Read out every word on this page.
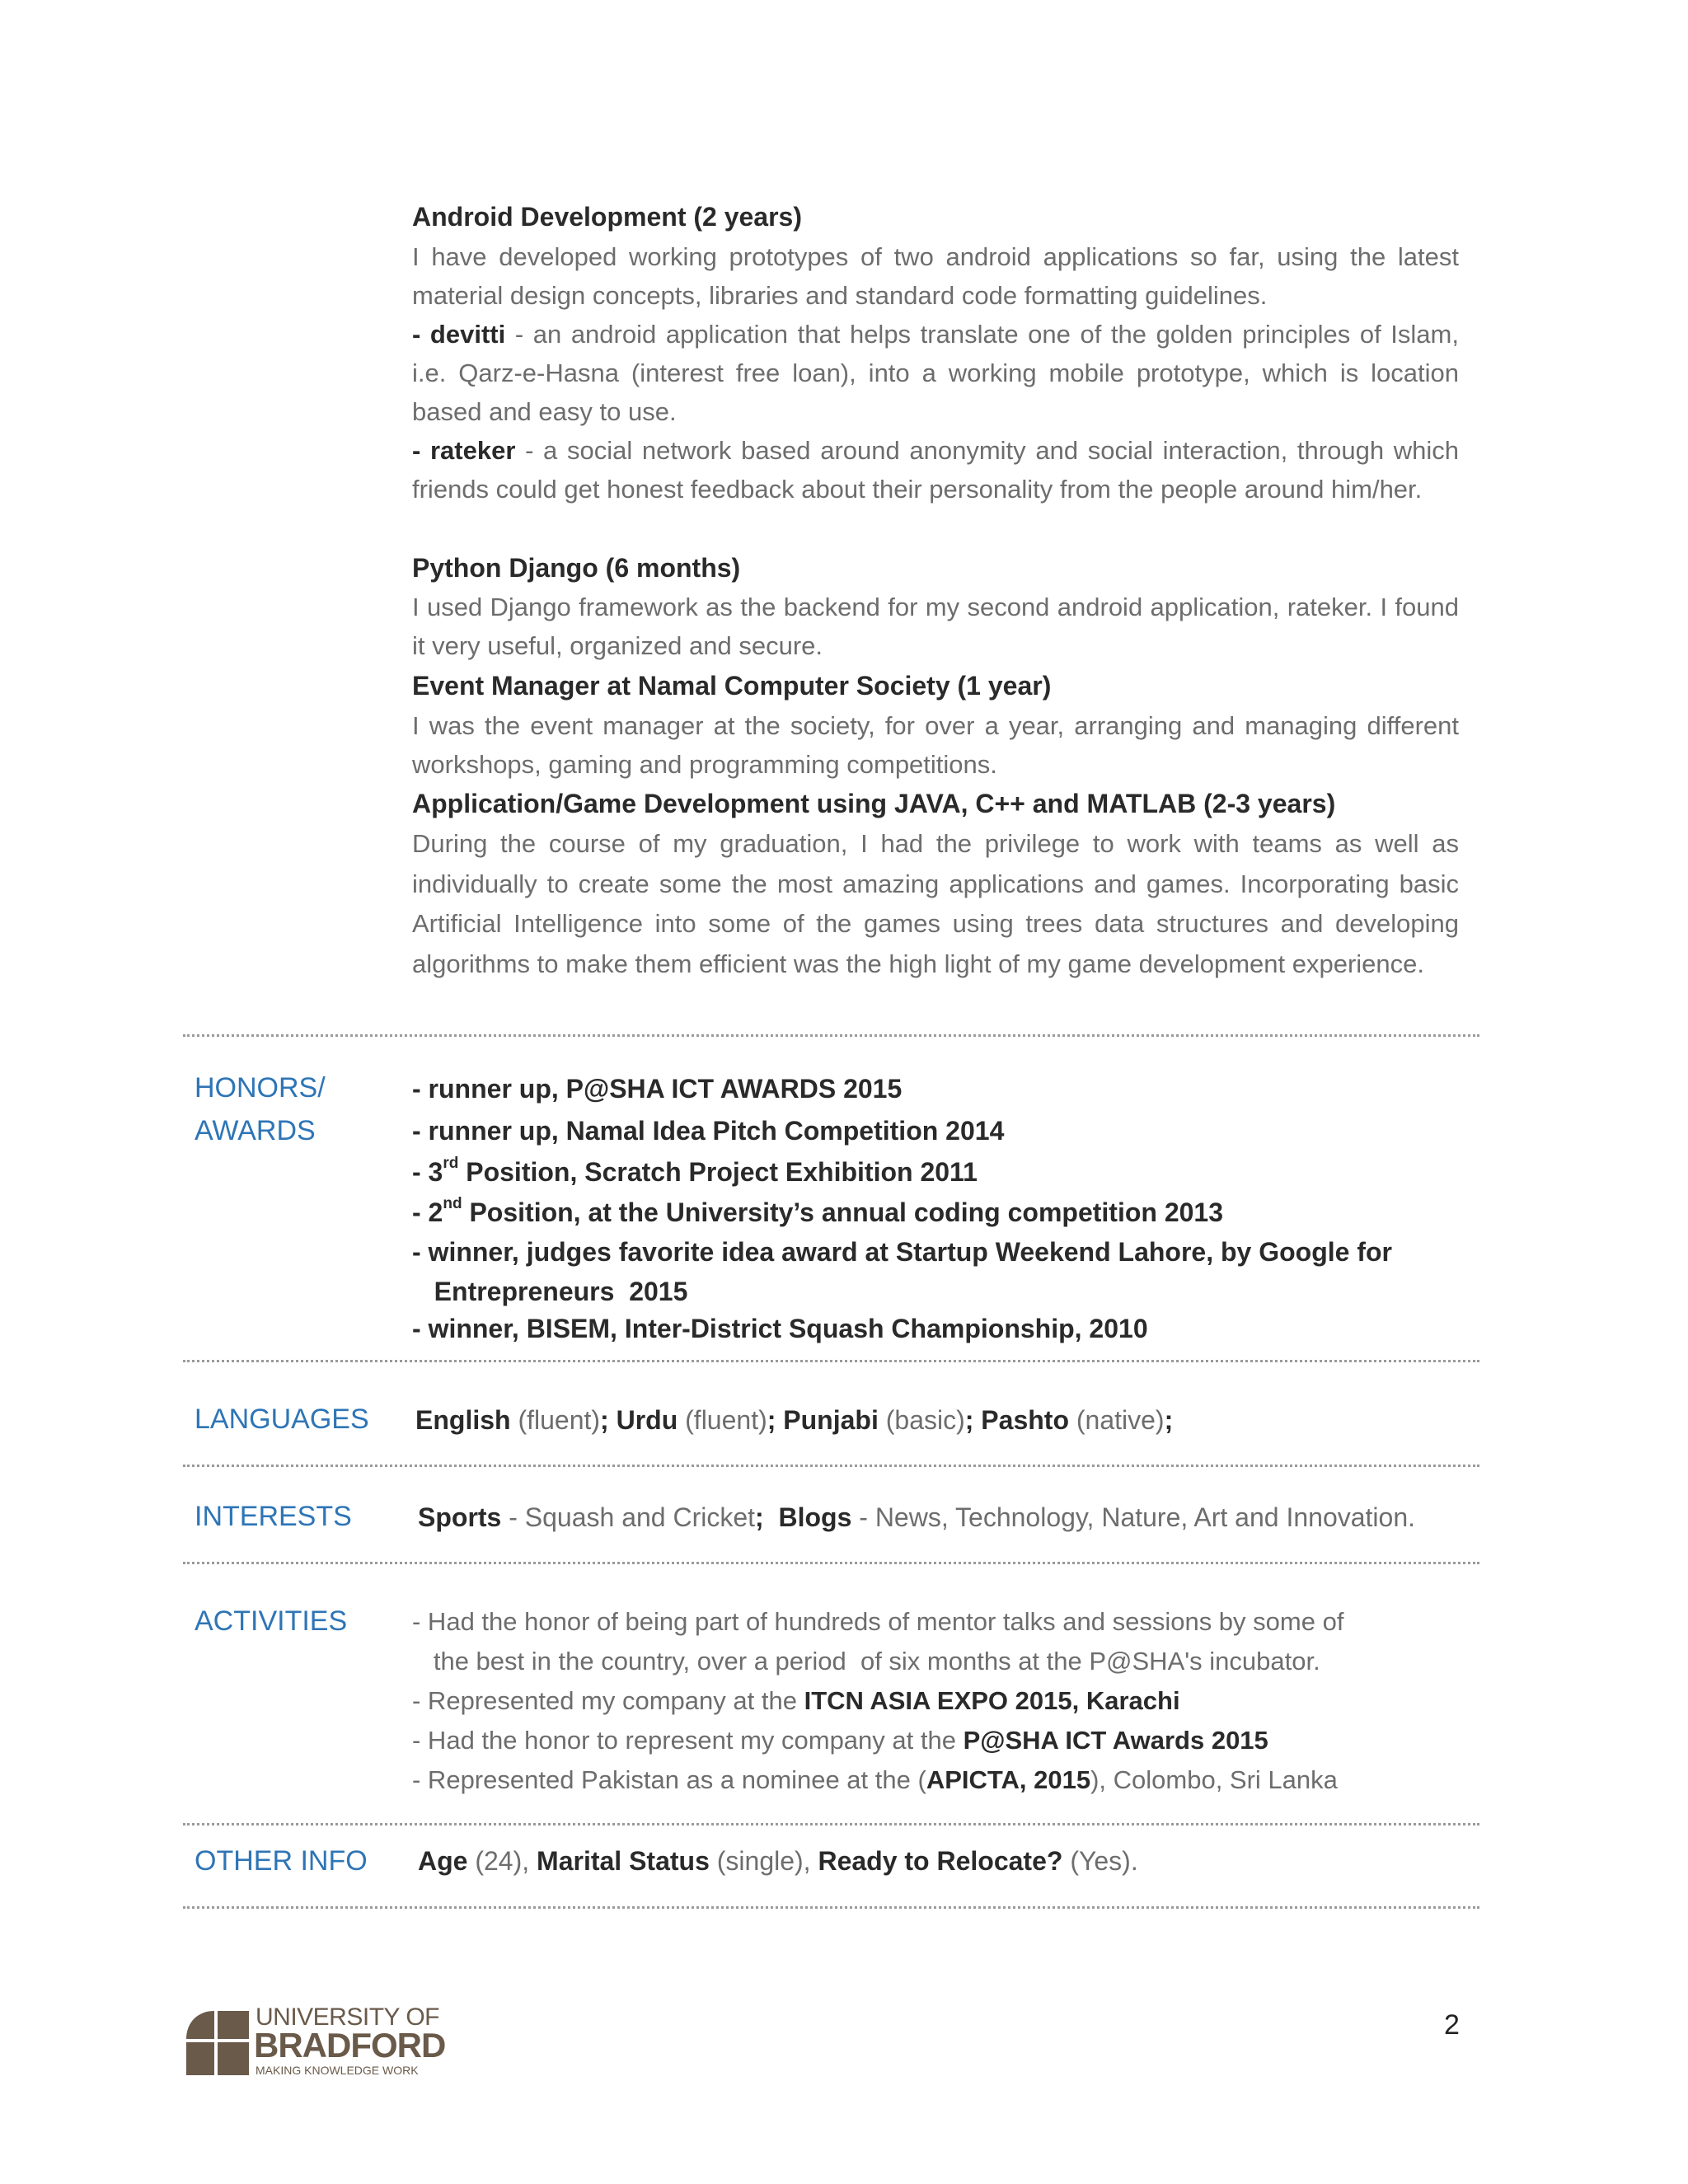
Android Development (2 years)
I have developed working prototypes of two android applications so far, using the latest material design concepts, libraries and standard code formatting guidelines.
- devitti - an android application that helps translate one of the golden principles of Islam, i.e. Qarz-e-Hasna (interest free loan), into a working mobile prototype, which is location based and easy to use.
- rateker - a social network based around anonymity and social interaction, through which friends could get honest feedback about their personality from the people around him/her.
Python Django (6 months)
I used Django framework as the backend for my second android application, rateker. I found it very useful, organized and secure.
Event Manager at Namal Computer Society (1 year)
I was the event manager at the society, for over a year, arranging and managing different workshops, gaming and programming competitions.
Application/Game Development using JAVA, C++ and MATLAB (2-3 years)
During the course of my graduation, I had the privilege to work with teams as well as individually to create some the most amazing applications and games. Incorporating basic Artificial Intelligence into some of the games using trees data structures and developing algorithms to make them efficient was the high light of my game development experience.
HONORS/
AWARDS
- runner up, P@SHA ICT AWARDS 2015
- runner up, Namal Idea Pitch Competition 2014
- 3rd Position, Scratch Project Exhibition 2011
- 2nd Position, at the University’s annual coding competition 2013
- winner, judges favorite idea award at Startup Weekend Lahore, by Google for
Entrepreneurs  2015
- winner, BISEM, Inter-District Squash Championship, 2010
LANGUAGES English (fluent); Urdu (fluent); Punjabi (basic); Pashto (native);
INTERESTS	Sports - Squash and Cricket;  Blogs - News, Technology, Nature, Art and Innovation.
ACTIVITIES	- Had the honor of being part of hundreds of mentor talks and sessions by some of
the best in the country, over a period  of six months at the P@SHA's incubator.
- Represented my company at the ITCN ASIA EXPO 2015, Karachi
- Had the honor to represent my company at the P@SHA ICT Awards 2015
- Represented Pakistan as a nominee at the (APICTA, 2015), Colombo, Sri Lanka
OTHER INFO Age (24), Marital Status (single), Ready to Relocate? (Yes).
UNIVERSITY OF
BRADFORD
MAKING KNOWLEDGE WORK
2
